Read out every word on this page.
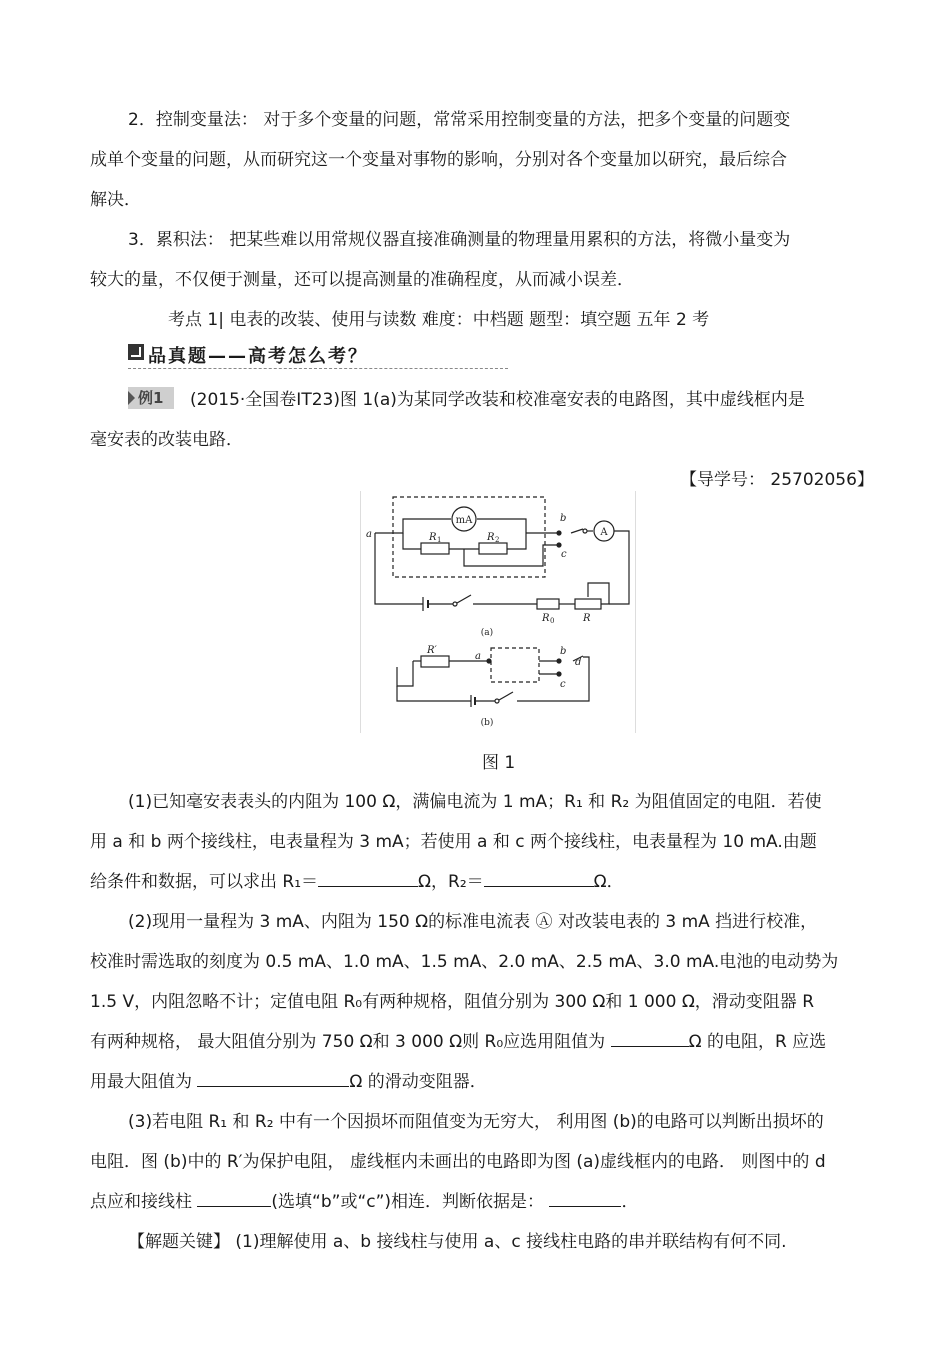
2．控制变量法： 对于多个变量的问题，常常采用控制变量的方法，把多个变量的问题变
成单个变量的问题，从而研究这一个变量对事物的影响，分别对各个变量加以研究，最后综合
解决．
3．累积法： 把某些难以用常规仪器直接准确测量的物理量用累积的方法，将微小量变为
较大的量，不仅便于测量，还可以提高测量的准确程度，从而减小误差．
考点 1| 电表的改装、使用与读数 难度：中档题 题型：填空题 五年 2 考
品真题——高考怎么考？
例1 (2015·全国卷ⅠT23)图 1(a)为某同学改装和校准毫安表的电路图，其中虚线框内是
毫安表的改装电路．
【导学号： 25702056】
mA
A
a
b
c
R 1	R 2
R 0	R
(a)
R′
a	b
c
d
(b)
图 1
(1)已知毫安表表头的内阻为 100 Ω，满偏电流为 1 mA；R₁ 和 R₂ 为阻值固定的电阻．若使
用 a 和 b 两个接线柱，电表量程为 3 mA；若使用 a 和 c 两个接线柱，电表量程为 10 mA.由题
给条件和数据，可以求出 R₁＝	Ω，R₂＝	Ω．
(2)现用一量程为 3 mA、内阻为 150 Ω的标准电流表 Ⓐ 对改装电表的 3 mA 挡进行校准，
校准时需选取的刻度为 0.5 mA、1.0 mA、1.5 mA、2.0 mA、2.5 mA、3.0 mA.电池的电动势为
1.5 V，内阻忽略不计；定值电阻 R₀有两种规格，阻值分别为 300 Ω和 1 000 Ω，滑动变阻器 R
有两种规格， 最大阻值分别为 750 Ω和 3 000 Ω则 R₀应选用阻值为	Ω 的电阻，R 应选
用最大阻值为	Ω 的滑动变阻器．
(3)若电阻 R₁ 和 R₂ 中有一个因损坏而阻值变为无穷大， 利用图 (b)的电路可以判断出损坏的
电阻．图 (b)中的 R′为保护电阻， 虚线框内未画出的电路即为图 (a)虚线框内的电路． 则图中的 d
点应和接线柱	(选填“b”或“c”)相连．判断依据是：	．
【解题关键】 (1)理解使用 a、b 接线柱与使用 a、c 接线柱电路的串并联结构有何不同.
